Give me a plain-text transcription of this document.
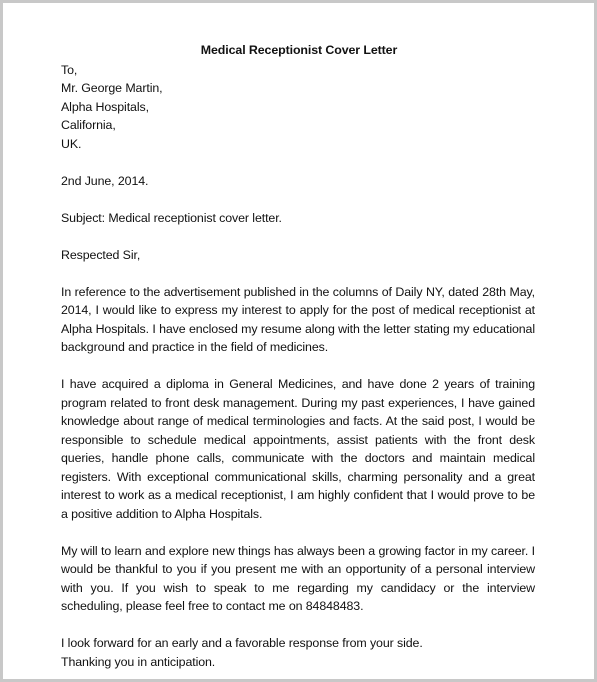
Medical Receptionist Cover Letter

To,

Mr. George Martin,

Alpha Hospitals,

California,

UK.

2nd June, 2014.

Subject: Medical receptionist cover letter.

Respected Sir,

In reference to the advertisement published in the columns of Daily NY, dated 28th May, 2014, I would like to express my interest to apply for the post of medical receptionist at Alpha Hospitals. I have enclosed my resume along with the letter stating my educational background and practice in the field of medicines.

I have acquired a diploma in General Medicines, and have done 2 years of training program related to front desk management. During my past experiences, I have gained knowledge about range of medical terminologies and facts. At the said post, I would be responsible to schedule medical appointments, assist patients with the front desk queries, handle phone calls, communicate with the doctors and maintain medical registers. With exceptional communicational skills, charming personality and a great interest to work as a medical receptionist, I am highly confident that I would prove to be a positive addition to Alpha Hospitals.

My will to learn and explore new things has always been a growing factor in my career. I would be thankful to you if you present me with an opportunity of a personal interview with you. If you wish to speak to me regarding my candidacy or the interview scheduling, please feel free to contact me on 84848483.

I look forward for an early and a favorable response from your side.

Thanking you in anticipation.
